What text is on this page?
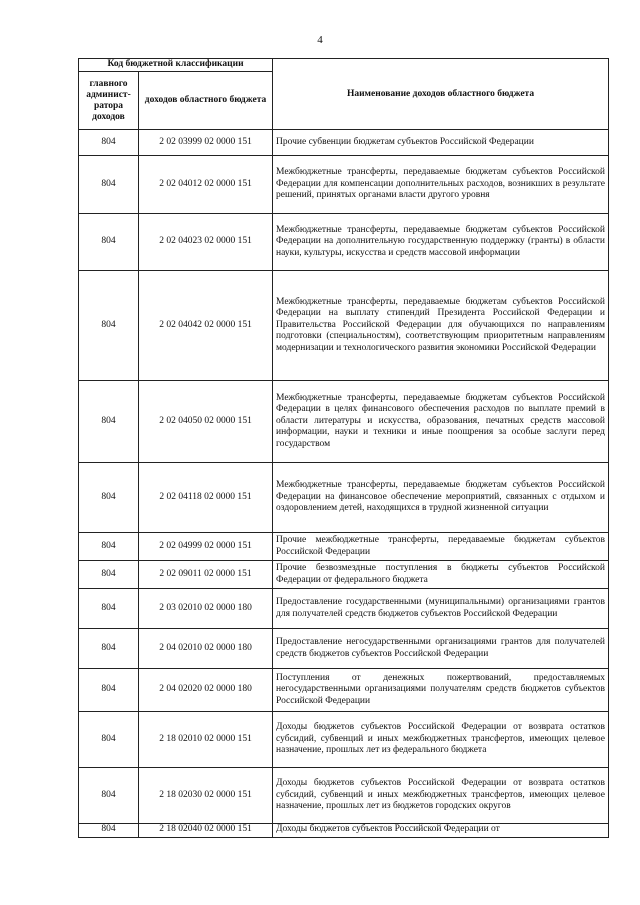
4
Код бюджетной классификации		Наименование доходов областного бюджета
главного админист-ратора доходов	доходов областного бюджета	
804	2 02 03999 02 0000 151	Прочие субвенции бюджетам субъектов Российской Федерации
804	2 02 04012 02 0000 151	Межбюджетные трансферты, передаваемые бюджетам субъектов Российской Федерации для компенсации дополнительных расходов, возникших в результате решений, принятых органами власти другого уровня
804	2 02 04023 02 0000 151	Межбюджетные трансферты, передаваемые бюджетам субъектов Российской Федерации на дополнительную государственную поддержку (гранты) в области науки, культуры, искусства и средств массовой информации
804	2 02 04042 02 0000 151	Межбюджетные трансферты, передаваемые бюджетам субъектов Российской Федерации на выплату стипендий Президента Российской Федерации и Правительства Российской Федерации для обучающихся по направлениям подготовки (специальностям), соответствующим приоритетным направлениям модернизации и технологического развития экономики Российской Федерации
804	2 02 04050 02 0000 151	Межбюджетные трансферты, передаваемые бюджетам субъектов Российской Федерации в целях финансового обеспечения расходов по выплате премий в области литературы и искусства, образования, печатных средств массовой информации, науки и техники и иные поощрения за особые заслуги перед государством
804	2 02 04118 02 0000 151	Межбюджетные трансферты, передаваемые бюджетам субъектов Российской Федерации на финансовое обеспечение мероприятий, связанных с отдыхом и оздоровлением детей, находящихся в трудной жизненной ситуации
804	2 02 04999 02 0000 151	Прочие межбюджетные трансферты, передаваемые бюджетам субъектов Российской Федерации
804	2 02 09011 02 0000 151	Прочие безвозмездные поступления в бюджеты субъектов Российской Федерации от федерального бюджета
804	2 03 02010 02 0000 180	Предоставление государственными (муниципальными) организациями грантов для получателей средств бюджетов субъектов Российской Федерации
804	2 04 02010 02 0000 180	Предоставление негосударственными организациями грантов для получателей средств бюджетов субъектов Российской Федерации
804	2 04 02020 02 0000 180	Поступления от денежных пожертвований, предоставляемых негосударственными организациями получателям средств бюджетов субъектов Российской Федерации
804	2 18 02010 02 0000 151	Доходы бюджетов субъектов Российской Федерации от возврата остатков субсидий, субвенций и иных межбюджетных трансфертов, имеющих целевое назначение, прошлых лет из федерального бюджета
804	2 18 02030 02 0000 151	Доходы бюджетов субъектов Российской Федерации от возврата остатков субсидий, субвенций и иных межбюджетных трансфертов, имеющих целевое назначение, прошлых лет из бюджетов городских округов
804	2 18 02040 02 0000 151	Доходы бюджетов субъектов Российской Федерации от
